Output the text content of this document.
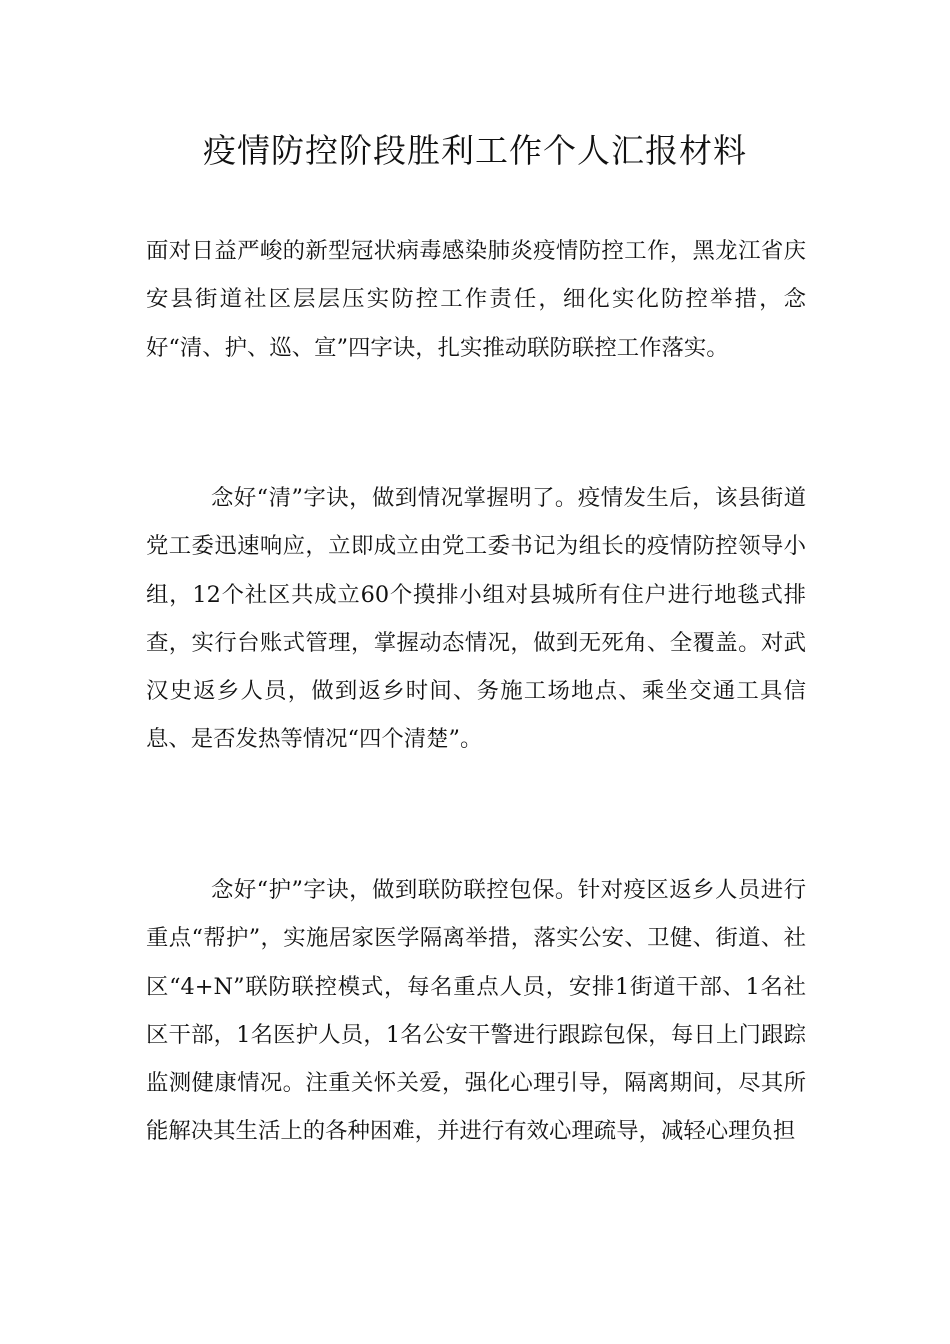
疫情防控阶段胜利工作个人汇报材料

面对日益严峻的新型冠状病毒感染肺炎疫情防控工作，黑龙江省庆安县街道社区层层压实防控工作责任，细化实化防控举措，念好“清、护、巡、宣”四字诀，扎实推动联防联控工作落实。

念好“清”字诀，做到情况掌握明了。疫情发生后，该县街道党工委迅速响应，立即成立由党工委书记为组长的疫情防控领导小组，12个社区共成立60个摸排小组对县城所有住户进行地毯式排查，实行台账式管理，掌握动态情况，做到无死角、全覆盖。对武汉史返乡人员，做到返乡时间、务施工场地点、乘坐交通工具信息、是否发热等情况“四个清楚”。

念好“护”字诀，做到联防联控包保。针对疫区返乡人员进行重点“帮护”，实施居家医学隔离举措，落实公安、卫健、街道、社区“4+N”联防联控模式，每名重点人员，安排1街道干部、1名社区干部，1名医护人员，1名公安干警进行跟踪包保，每日上门跟踪监测健康情况。注重关怀关爱，强化心理引导，隔离期间，尽其所能解决其生活上的各种困难，并进行有效心理疏导，减轻心理负担
